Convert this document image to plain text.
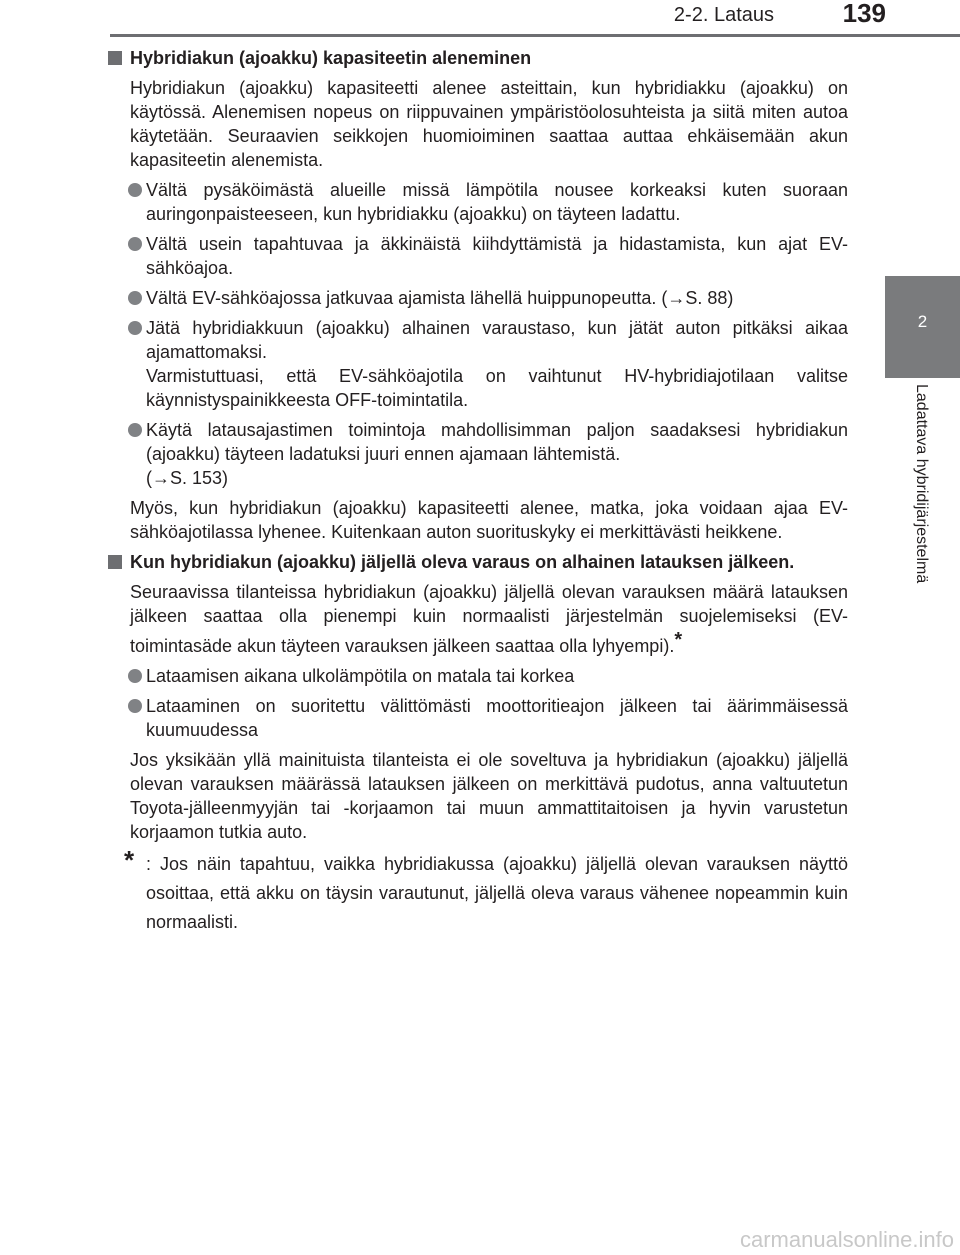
2-2. Lataus	139
2
Ladattava hybridijärjestelmä
Hybridiakun (ajoakku) kapasiteetin aleneminen

Hybridiakun (ajoakku) kapasiteetti alenee asteittain, kun hybridiakku (ajoakku) on käytössä. Alenemisen nopeus on riippuvainen ympäristöolosuhteista ja siitä miten autoa käytetään. Seuraavien seikkojen huomioiminen saattaa auttaa ehkäisemään akun kapasiteetin alenemista.

Vältä pysäköimästä alueille missä lämpötila nousee korkeaksi kuten suoraan auringonpaisteeseen, kun hybridiakku (ajoakku) on täyteen ladattu.
Vältä usein tapahtuvaa ja äkkinäistä kiihdyttämistä ja hidastamista, kun ajat EV-sähköajoa.
Vältä EV-sähköajossa jatkuvaa ajamista lähellä huippunopeutta. (→S. 88)
Jätä hybridiakkuun (ajoakku) alhainen varaustaso, kun jätät auton pitkäksi aikaa ajamattomaksi.
Varmistuttuasi, että EV-sähköajotila on vaihtunut HV-hybridiajotilaan valitse käynnistyspainikkeesta OFF-toimintatila.
Käytä latausajastimen toimintoja mahdollisimman paljon saadaksesi hybridiakun (ajoakku) täyteen ladatuksi juuri ennen ajamaan lähtemistä.
(→S. 153)

Myös, kun hybridiakun (ajoakku) kapasiteetti alenee, matka, joka voidaan ajaa EV-sähköajotilassa lyhenee. Kuitenkaan auton suorituskyky ei merkittävästi heikkene.

Kun hybridiakun (ajoakku) jäljellä oleva varaus on alhainen latauksen jälkeen.

Seuraavissa tilanteissa hybridiakun (ajoakku) jäljellä olevan varauksen määrä latauksen jälkeen saattaa olla pienempi kuin normaalisti järjestelmän suojelemiseksi (EV-toimintasäde akun täyteen varauksen jälkeen saattaa olla lyhyempi).*

Lataamisen aikana ulkolämpötila on matala tai korkea
Lataaminen on suoritettu välittömästi moottoritieajon jälkeen tai äärimmäisessä kuumuudessa

Jos yksikään yllä mainituista tilanteista ei ole soveltuva ja hybridiakun (ajoakku) jäljellä olevan varauksen määrässä latauksen jälkeen on merkittävä pudotus, anna valtuutetun Toyota-jälleenmyyjän tai -korjaamon tai muun ammattitaitoisen ja hyvin varustetun korjaamon tutkia auto.

* : Jos näin tapahtuu, vaikka hybridiakussa (ajoakku) jäljellä olevan varauksen näyttö osoittaa, että akku on täysin varautunut, jäljellä oleva varaus vähenee nopeammin kuin normaalisti.
carmanualsonline.info
